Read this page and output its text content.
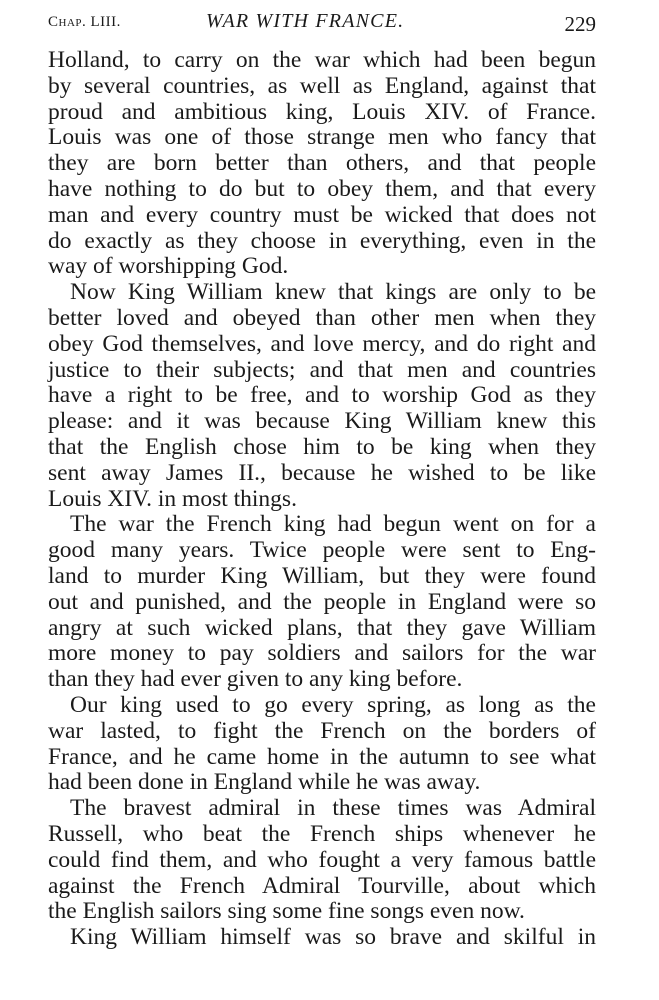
Chap. LIII.	WAR WITH FRANCE.	229
Holland, to carry on the war which had been begun
by several countries, as well as England, against that
proud and ambitious king, Louis XIV. of France.
Louis was one of those strange men who fancy that
they are born better than others, and that people
have nothing to do but to obey them, and that every
man and every country must be wicked that does not
do exactly as they choose in everything, even in the
way of worshipping God.
Now King William knew that kings are only to be
better loved and obeyed than other men when they
obey God themselves, and love mercy, and do right and
justice to their subjects; and that men and countries
have a right to be free, and to worship God as they
please: and it was because King William knew this
that the English chose him to be king when they
sent away James II., because he wished to be like
Louis XIV. in most things.
The war the French king had begun went on for a
good many years. Twice people were sent to Eng-
land to murder King William, but they were found
out and punished, and the people in England were so
angry at such wicked plans, that they gave William
more money to pay soldiers and sailors for the war
than they had ever given to any king before.
Our king used to go every spring, as long as the
war lasted, to fight the French on the borders of
France, and he came home in the autumn to see what
had been done in England while he was away.
The bravest admiral in these times was Admiral
Russell, who beat the French ships whenever he
could find them, and who fought a very famous battle
against the French Admiral Tourville, about which
the English sailors sing some fine songs even now.
King William himself was so brave and skilful in
